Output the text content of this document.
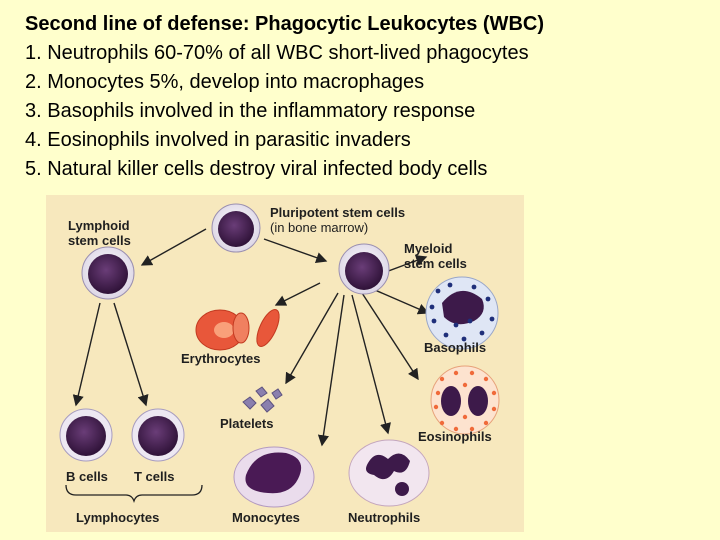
Second line of defense: Phagocytic Leukocytes (WBC)
1. Neutrophils 60-70% of all WBC short-lived phagocytes
2. Monocytes 5%, develop into macrophages
3. Basophils involved in the inflammatory response
4. Eosinophils involved in parasitic invaders
5. Natural killer cells destroy viral infected body cells
Pluripotent stem cells
(in bone marrow)
Lymphoid
stem cells
Myeloid
stem cells
Erythrocytes
Basophils
Platelets
Eosinophils
B cells T cells
Lymphocytes	Monocytes	Neutrophils
